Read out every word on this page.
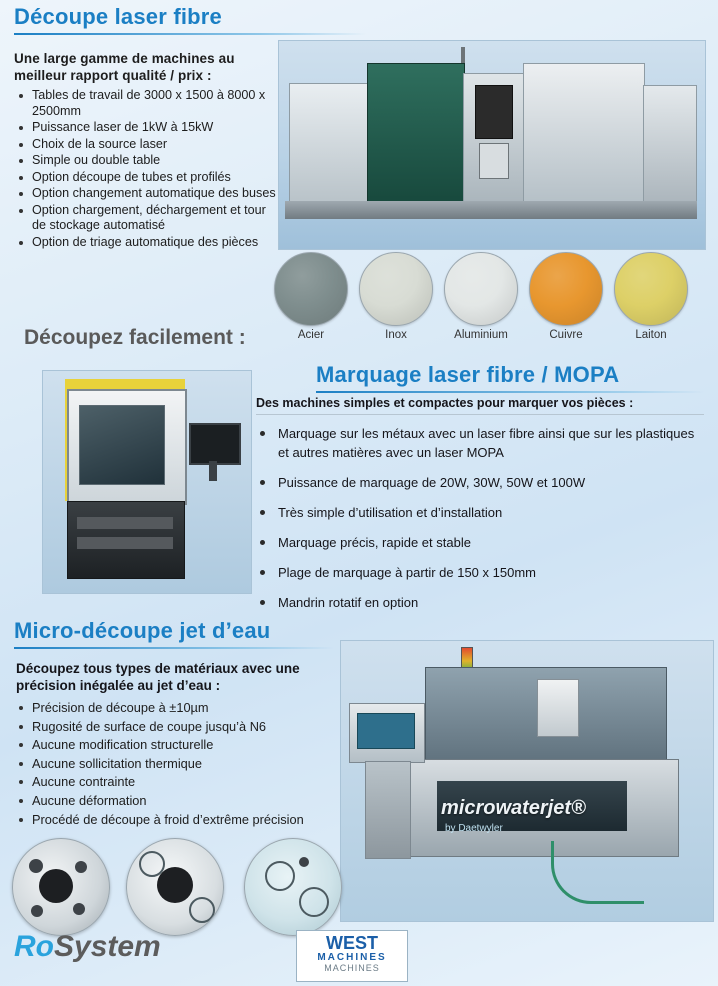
Découpe laser fibre
Une large gamme de machines au meilleur rapport qualité / prix :
Tables de travail de 3000 x 1500 à 8000 x 2500mm
Puissance laser de 1kW à 15kW
Choix de la source laser
Simple ou double table
Option découpe de tubes et profilés
Option changement automatique des buses
Option chargement, déchargement et tour de stockage automatisé
Option de triage automatique des pièces
Découpez facilement :	Acier	Inox	Aluminium	Cuivre	Laiton
Marquage laser fibre / MOPA
Des machines simples et compactes pour marquer vos pièces :
Marquage sur les métaux avec un laser fibre ainsi que sur les plastiques et autres matières avec un laser MOPA
Puissance de marquage de 20W, 30W, 50W et 100W
Très simple d’utilisation et d’installation
Marquage précis, rapide et stable
Plage de marquage à partir de 150 x 150mm
Mandrin rotatif en option
Micro-découpe jet d’eau
Découpez tous types de matériaux avec une précision inégalée au jet d’eau :
Précision de découpe à ±10µm
Rugosité de surface de coupe jusqu’à N6
Aucune modification structurelle
Aucune sollicitation thermique
Aucune contrainte
Aucune déformation
Procédé de découpe à froid d’extrême précision
microwaterjet®
by Daetwyler
RoSystem	WEST
MACHINES
MACHINES
